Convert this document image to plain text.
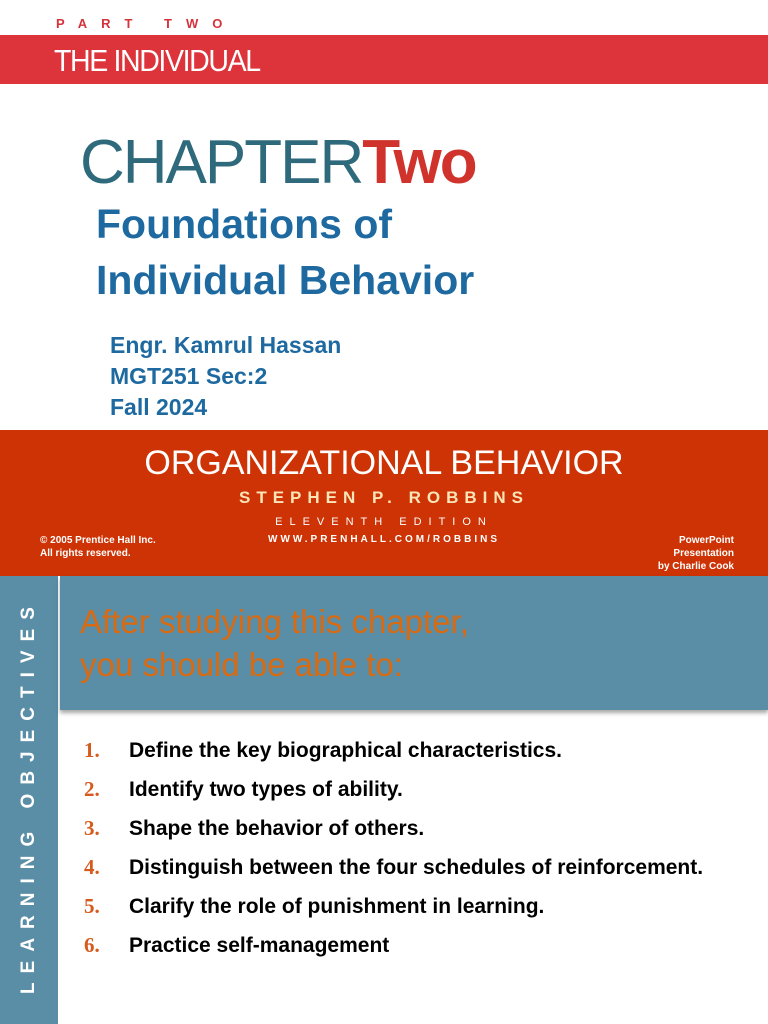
PART TWO
THE INDIVIDUAL
CHAPTERTwo
Foundations of
Individual Behavior
Engr. Kamrul Hassan
MGT251 Sec:2
Fall 2024
ORGANIZATIONAL BEHAVIOR
STEPHEN P. ROBBINS
ELEVENTH EDITION
WWW.PRENHALL.COM/ROBBINS
© 2005 Prentice Hall Inc.
All rights reserved.
PowerPoint
Presentation
by Charlie Cook
LEARNING OBJECTIVES After studying this chapter,
you should be able to:
1.	Define the key biographical characteristics.
2.	Identify two types of ability.
3.	Shape the behavior of others.
4.	Distinguish between the four schedules of reinforcement.
5.	Clarify the role of punishment in learning.
6.	Practice self-management
